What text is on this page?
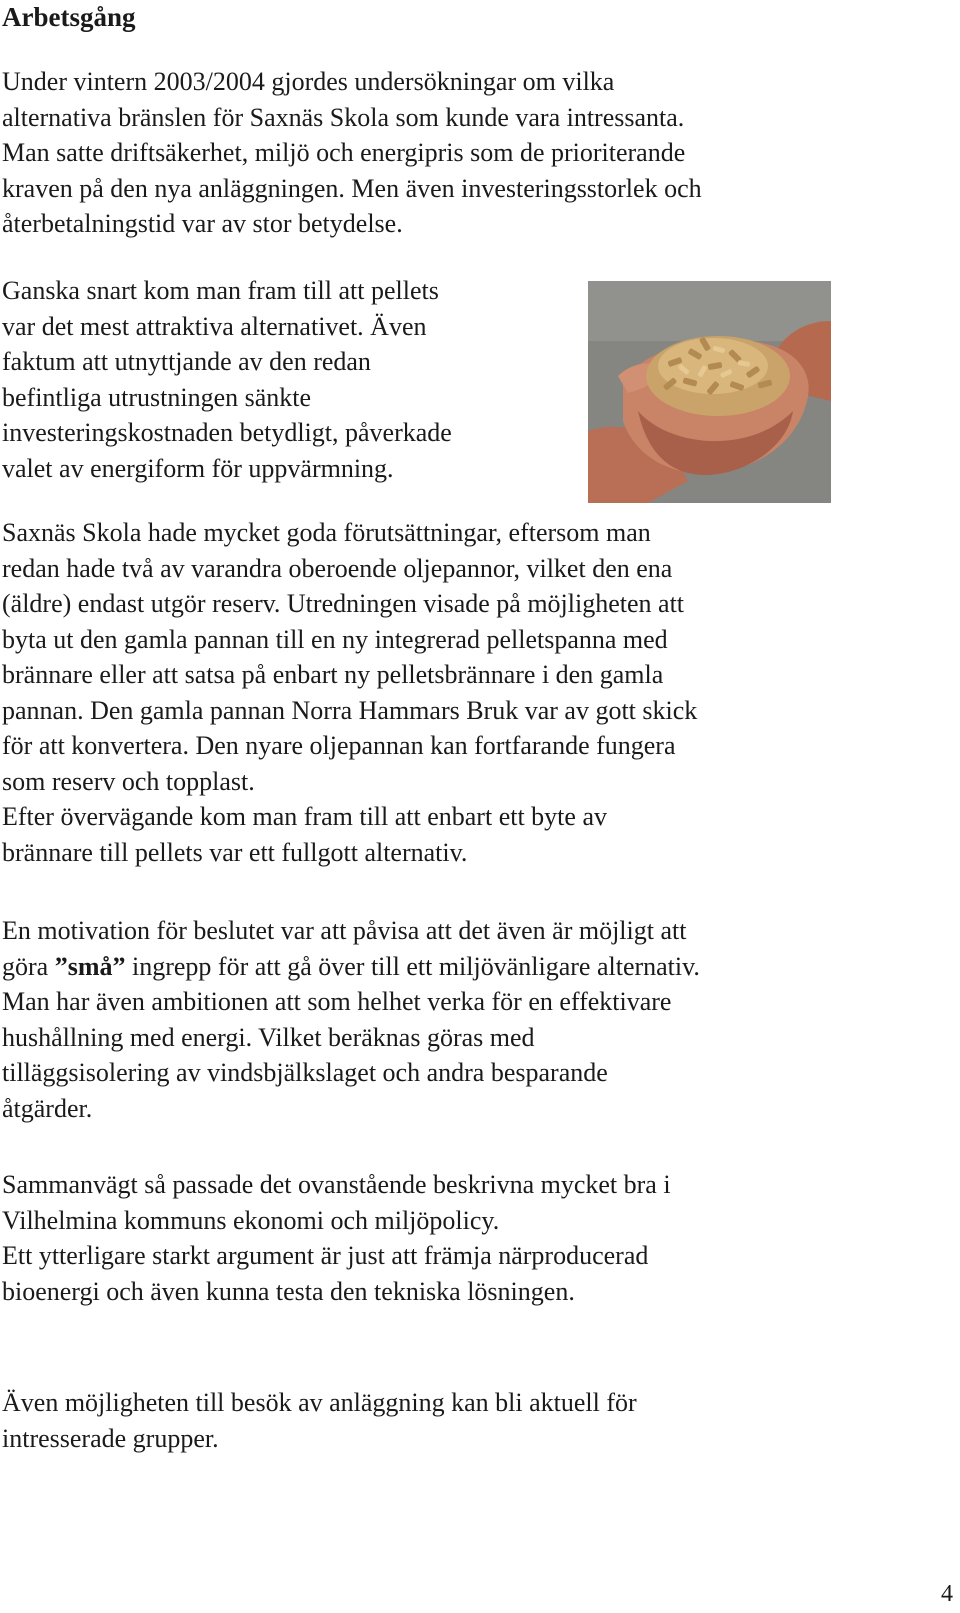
Arbetsgång
Under vintern 2003/2004 gjordes undersökningar om vilka
alternativa bränslen för Saxnäs Skola som kunde vara intressanta.
Man satte driftsäkerhet, miljö och energipris som de prioriterande
kraven på den nya anläggningen. Men även investeringsstorlek och
återbetalningstid var av stor betydelse.
Ganska snart kom man fram till att pellets
var det mest attraktiva alternativet. Även
faktum att utnyttjande av den redan
befintliga utrustningen sänkte
investeringskostnaden betydligt, påverkade
valet av energiform för uppvärmning.
Saxnäs Skola hade mycket goda förutsättningar, eftersom man
redan hade två av varandra oberoende oljepannor, vilket den ena
(äldre) endast utgör reserv. Utredningen visade på möjligheten att
byta ut den gamla pannan till en ny integrerad pelletspanna med
brännare eller att satsa på enbart ny pelletsbrännare i den gamla
pannan. Den gamla pannan Norra Hammars Bruk var av gott skick
för att konvertera. Den nyare oljepannan kan fortfarande fungera
som reserv och topplast.
Efter övervägande kom man fram till att enbart ett byte av
brännare till pellets var ett fullgott alternativ.
En motivation för beslutet var att påvisa att det även är möjligt att
göra ”små” ingrepp för att gå över till ett miljövänligare alternativ.
Man har även ambitionen att som helhet verka för en effektivare
hushållning med energi. Vilket beräknas göras med
tilläggsisolering av vindsbjälkslaget och andra besparande
åtgärder.
Sammanvägt så passade det ovanstående beskrivna mycket bra i
Vilhelmina kommuns ekonomi och miljöpolicy.
Ett ytterligare starkt argument är just att främja närproducerad
bioenergi och även kunna testa den tekniska lösningen.
Även möjligheten till besök av anläggning kan bli aktuell för
intresserade grupper.
4
